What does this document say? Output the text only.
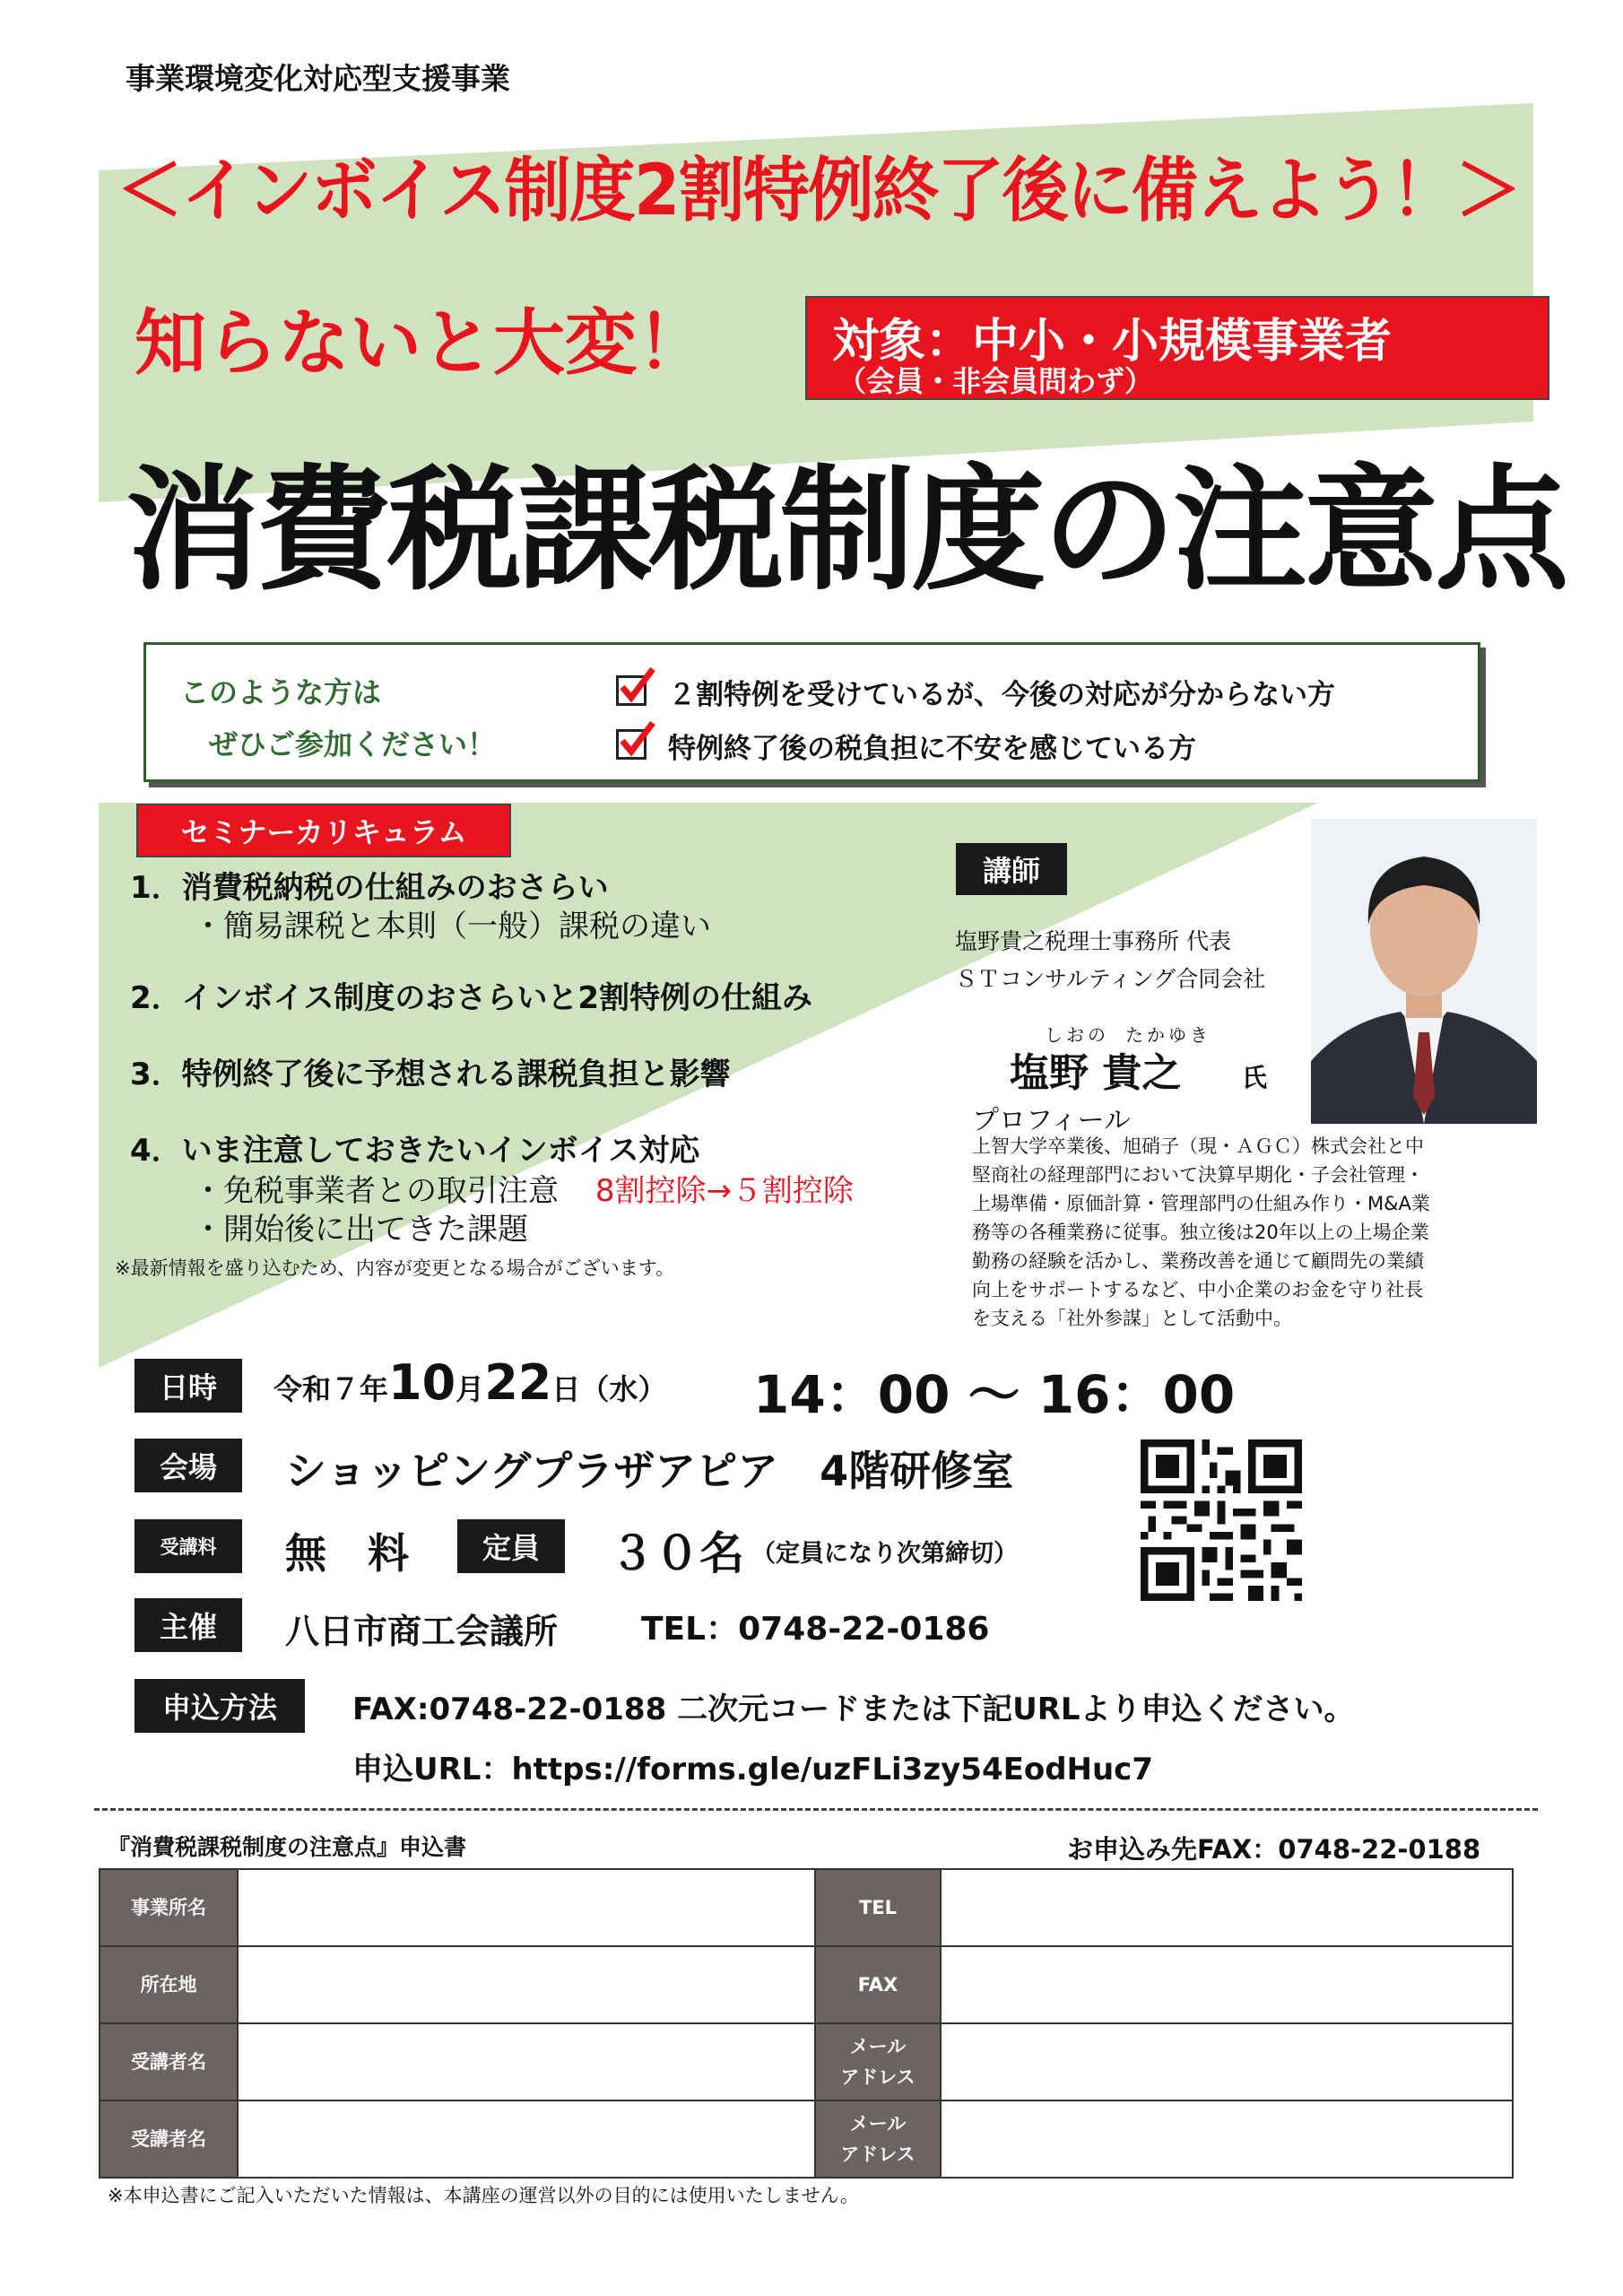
事業環境変化対応型支援事業
＜インボイス制度2割特例終了後に備えよう！＞
知らないと大変！	対象：中小・小規模事業者
（会員・非会員問わず）
消費税課税制度の注意点
このような方は
ぜひご参加ください！
２割特例を受けているが、今後の対応が分からない方
特例終了後の税負担に不安を感じている方
セミナーカリキュラム
1．消費税納税の仕組みのおさらい
・簡易課税と本則（一般）課税の違い
2．インボイス制度のおさらいと2割特例の仕組み
3．特例終了後に予想される課税負担と影響
4．いま注意しておきたいインボイス対応
・免税事業者との取引注意 8割控除→５割控除
・開始後に出てきた課題
※最新情報を盛り込むため、内容が変更となる場合がございます。
講師
塩野貴之税理士事務所 代表
ＳＴコンサルティング合同会社
しおの たかゆき
塩野 貴之 氏
プロフィール
上智大学卒業後、旭硝子（現・ＡＧＣ）株式会社と中
堅商社の経理部門において決算早期化・子会社管理・
上場準備・原価計算・管理部門の仕組み作り・M&A業
務等の各種業務に従事。独立後は20年以上の上場企業
勤務の経験を活かし、業務改善を通じて顧問先の業績
向上をサポートするなど、中小企業のお金を守り社長
を支える「社外参謀」として活動中。
日時	令和７年10月22日（水） 14：00 ～ 16：00
会場	ショッピングプラザアピア　4階研修室
受講料	無　料	定員	３０名 （定員になり次第締切）
主催	八日市商工会議所	TEL：0748-22-0186
申込方法	FAX:0748-22-0188 二次元コードまたは下記URLより申込ください。
申込URL：https://forms.gle/uzFLi3zy54EodHuc7
『消費税課税制度の注意点』申込書	お申込み先FAX：0748-22-0188
事業所名		TEL	
所在地		FAX	
受講者名		メール
アドレス	

受講者名		メール
アドレス	

※本申込書にご記入いただいた情報は、本講座の運営以外の目的には使用いたしません。
